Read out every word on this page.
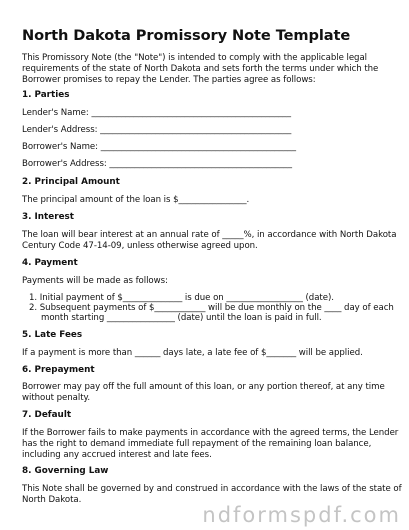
North Dakota Promissory Note Template
This Promissory Note (the "Note") is intended to comply with the applicable legal
requirements of the state of North Dakota and sets forth the terms under which the
Borrower promises to repay the Lender. The parties agree as follows:
1. Parties
Lender's Name: _______________________________________________
Lender's Address: _____________________________________________
Borrower's Name: ______________________________________________
Borrower's Address: ___________________________________________
2. Principal Amount
The principal amount of the loan is $________________.
3. Interest
The loan will bear interest at an annual rate of _____%, in accordance with North Dakota
Century Code 47-14-09, unless otherwise agreed upon.
4. Payment
Payments will be made as follows:
1. Initial payment of $______________ is due on __________________ (date).
2. Subsequent payments of $____________ will be due monthly on the ____ day of each
month starting ________________ (date) until the loan is paid in full.
5. Late Fees
If a payment is more than ______ days late, a late fee of $_______ will be applied.
6. Prepayment
Borrower may pay off the full amount of this loan, or any portion thereof, at any time
without penalty.
7. Default
If the Borrower fails to make payments in accordance with the agreed terms, the Lender
has the right to demand immediate full repayment of the remaining loan balance,
including any accrued interest and late fees.
8. Governing Law
This Note shall be governed by and construed in accordance with the laws of the state of
North Dakota.
ndformspdf.com
